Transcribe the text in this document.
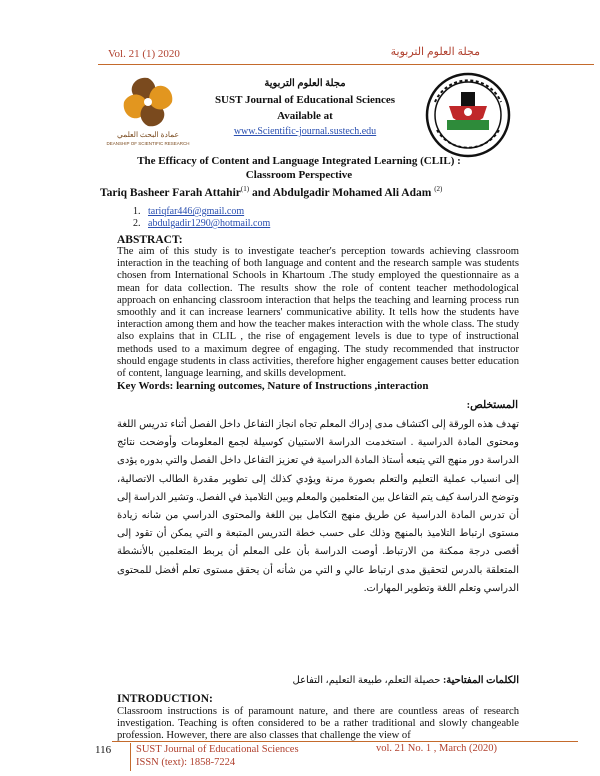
Vol. 21 (1) 2020	مجلة العلوم التربوية
عمادة البحث العلمي
DEANSHIP OF SCIENTIFIC RESEARCH
مجلة العلوم التربوية
SUST Journal of Educational Sciences
Available at
www.Scientific-journal.sustech.edu
The Efficacy of Content and Language Integrated Learning (CLIL) : Classroom Perspective
Tariq Basheer Farah Attahir$^{(1)}$ and Abdulgadir Mohamed Ali Adam $^{(2)}$
1.   tariqfar446@gmail.com
2.   abdulgadir1290@hotmail.com
ABSTRACT:
The aim of this study is to investigate teacher's perception towards achieving classroom interaction in the teaching of both language and content and the research sample was students chosen from International Schools in Khartoum .The study employed the questionnaire as a mean for data collection. The results show the role of content teacher methodological approach on enhancing classroom interaction that helps the teaching and learning process run smoothly and it can increase learners' communicative ability. It tells how the students have interaction among them and how the teacher makes interaction with the whole class. The study also explains that in CLIL , the rise of engagement levels is due to type of instructional methods used to a maximum degree of engaging. The study recommended that instructor should engage students in class activities, therefore higher engagement causes better education of content, language learning, and skills development.
Key Words: learning outcomes, Nature of Instructions ,interaction
المستخلص:
تهدف هذه الورقة إلى اكتشاف مدى إدراك المعلم تجاه انجاز التفاعل داخل الفصل أثناء تدريس اللغة ومحتوى المادة الدراسية . استخدمت الدراسة الاستبيان كوسيلة لجمع المعلومات وأوضحت نتائج الدراسة دور منهج التي يتبعه أستاذ المادة الدراسية في تعزيز التفاعل داخل الفصل والتي بدوره يؤدى إلى انسياب عملية التعليم والتعلم بصورة مرنة ويؤدي كذلك إلى تطوير مقدرة الطالب الاتصالية، وتوضح الدراسة كيف يتم التفاعل بين المتعلمين والمعلم وبين التلاميذ في الفصل. وتشير الدراسة إلى أن تدرس المادة الدراسية عن طريق منهج التكامل بين اللغة والمحتوى الدراسي من شانه زيادة مستوى ارتباط التلاميذ بالمنهج وذلك على حسب خطة التدريس المتبعة و التي يمكن أن تقود إلى أقصى درجة ممكنة من الارتباط. أوصت الدراسة بأن على المعلم أن يربط المتعلمين بالأنشطة المتعلقة بالدرس لتحقيق مدى ارتباط عالي و التي من شأنه أن يحقق مستوى تعلم أفضل للمحتوى الدراسي وتعلم اللغة وتطوير المهارات.
الكلمات المفتاحية: حصيلة التعلم، طبيعة التعليم، التفاعل
INTRODUCTION:
Classroom instructions is of paramount nature, and there are countless areas of research investigation. Teaching is often considered to be a rather traditional and slowly changeable profession. However, there are also classes that challenge the view of
116 SUST Journal of Educational Sciences
ISSN (text): 1858-7224
vol. 21 No. 1 , March (2020)
